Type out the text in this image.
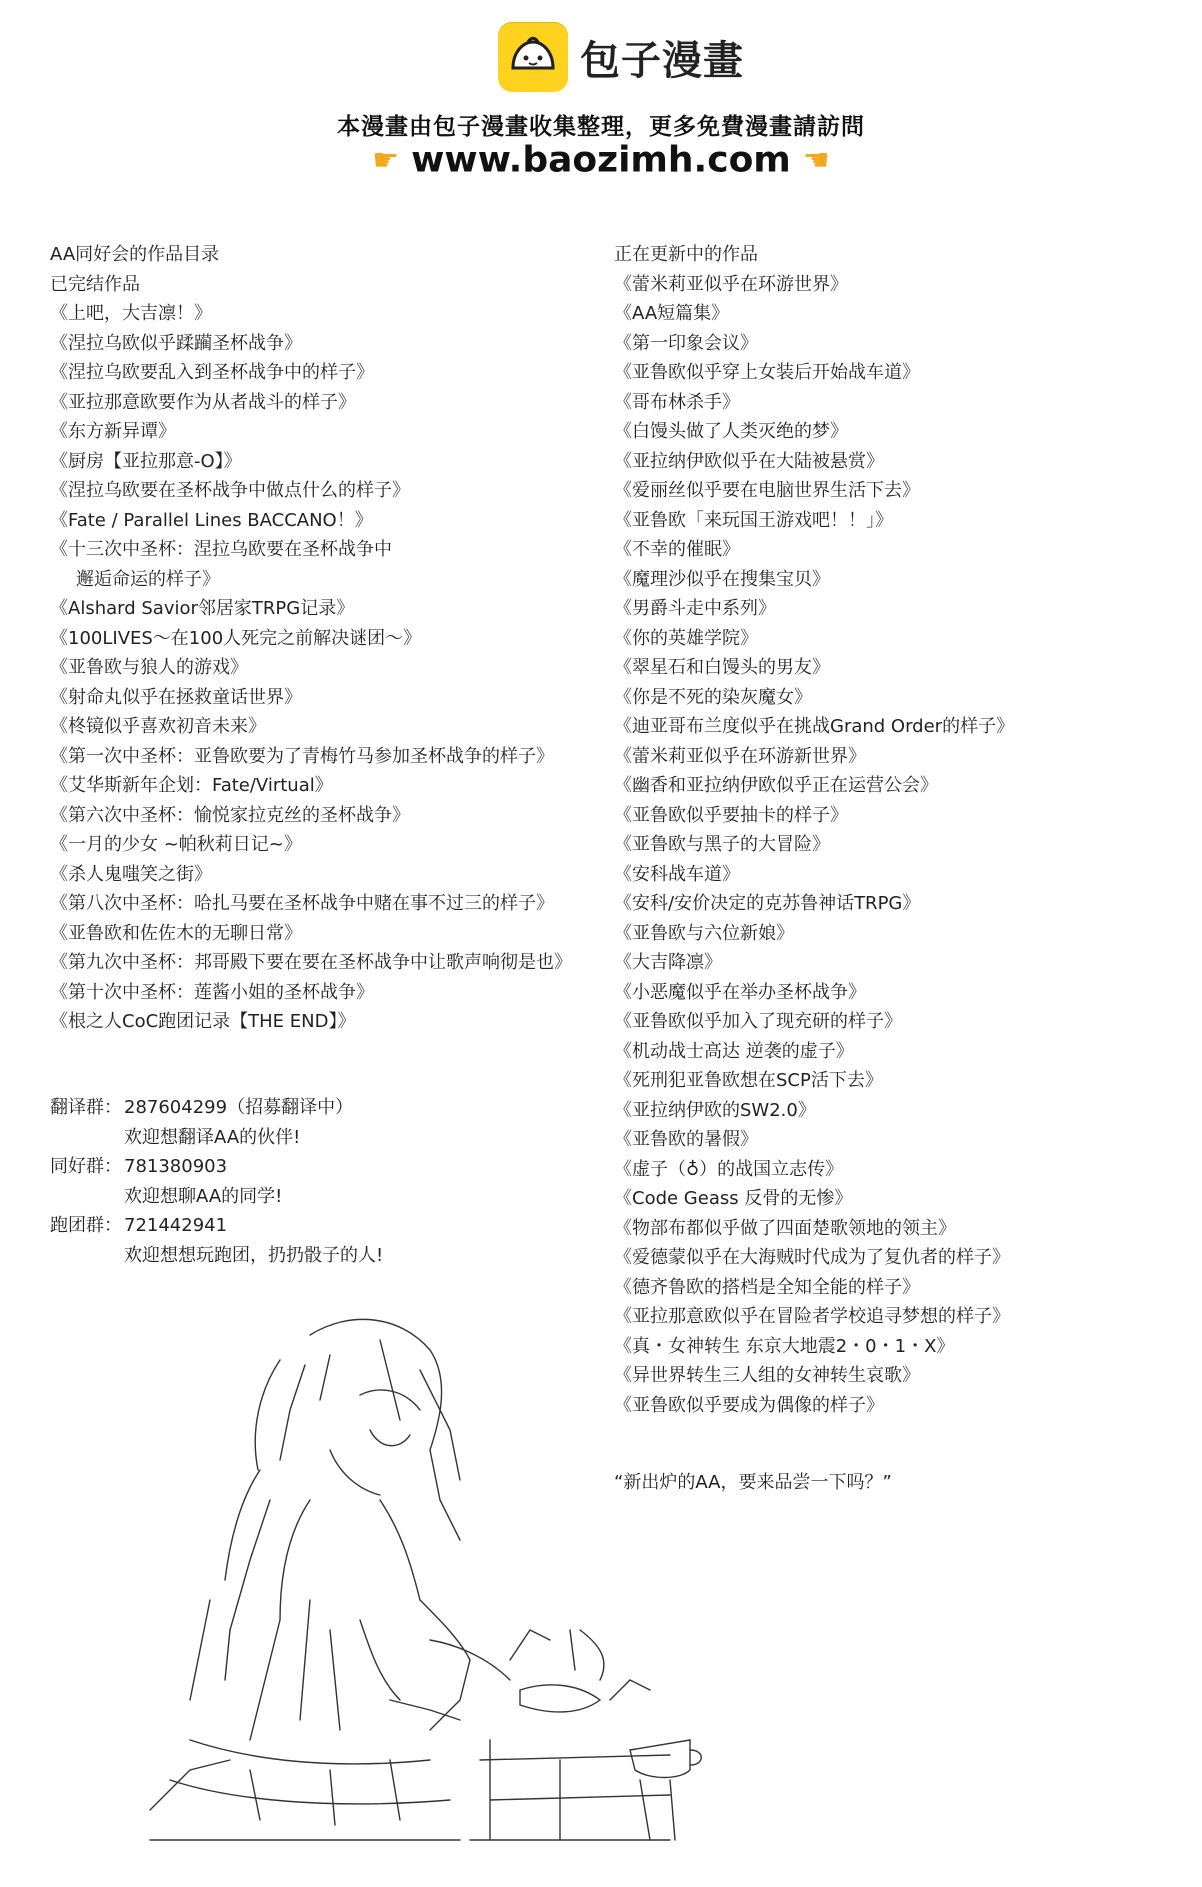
包子漫畫
本漫畫由包子漫畫收集整理，更多免費漫畫請訪問
☛ www.baozimh.com ☚
AA同好会的作品目录
已完结作品
《上吧，大吉凛！》
《涅拉乌欧似乎蹂躏圣杯战争》
《涅拉乌欧要乱入到圣杯战争中的样子》
《亚拉那意欧要作为从者战斗的样子》
《东方新异谭》
《厨房【亚拉那意-O】》
《涅拉乌欧要在圣杯战争中做点什么的样子》
《Fate / Parallel Lines BACCANO！》
《十三次中圣杯：涅拉乌欧要在圣杯战争中
邂逅命运的样子》
《Alshard Savior邻居家TRPG记录》
《100LIVES～在100人死完之前解决谜团～》
《亚鲁欧与狼人的游戏》
《射命丸似乎在拯救童话世界》
《柊镜似乎喜欢初音未来》
《第一次中圣杯：亚鲁欧要为了青梅竹马参加圣杯战争的样子》
《艾华斯新年企划：Fate/Virtual》
《第六次中圣杯：愉悦家拉克丝的圣杯战争》
《一月的少女 ~帕秋莉日记~》
《杀人鬼嗤笑之街》
《第八次中圣杯：哈扎马要在圣杯战争中赌在事不过三的样子》
《亚鲁欧和佐佐木的无聊日常》
《第九次中圣杯：邦哥殿下要在要在圣杯战争中让歌声响彻是也》
《第十次中圣杯：莲酱小姐的圣杯战争》
《根之人CoC跑团记录【THE END】》
翻译群： 287604299（招募翻译中）
欢迎想翻译AA的伙伴!
同好群： 781380903
欢迎想聊AA的同学!
跑团群： 721442941
欢迎想想玩跑团，扔扔骰子的人!
正在更新中的作品
《蕾米莉亚似乎在环游世界》
《AA短篇集》
《第一印象会议》
《亚鲁欧似乎穿上女装后开始战车道》
《哥布林杀手》
《白馒头做了人类灭绝的梦》
《亚拉纳伊欧似乎在大陆被悬赏》
《爱丽丝似乎要在电脑世界生活下去》
《亚鲁欧「来玩国王游戏吧！！」》
《不幸的催眠》
《魔理沙似乎在搜集宝贝》
《男爵斗走中系列》
《你的英雄学院》
《翠星石和白馒头的男友》
《你是不死的染灰魔女》
《迪亚哥布兰度似乎在挑战Grand Order的样子》
《蕾米莉亚似乎在环游新世界》
《幽香和亚拉纳伊欧似乎正在运营公会》
《亚鲁欧似乎要抽卡的样子》
《亚鲁欧与黑子的大冒险》
《安科战车道》
《安科/安价决定的克苏鲁神话TRPG》
《亚鲁欧与六位新娘》
《大吉降凛》
《小恶魔似乎在举办圣杯战争》
《亚鲁欧似乎加入了现充研的样子》
《机动战士高达 逆袭的虚子》
《死刑犯亚鲁欧想在SCP活下去》
《亚拉纳伊欧的SW2.0》
《亚鲁欧的暑假》
《虚子（♁）的战国立志传》
《Code Geass 反骨的无惨》
《物部布都似乎做了四面楚歌领地的领主》
《爱德蒙似乎在大海贼时代成为了复仇者的样子》
《德齐鲁欧的搭档是全知全能的样子》
《亚拉那意欧似乎在冒险者学校追寻梦想的样子》
《真・女神转生 东京大地震2・0・1・X》
《异世界转生三人组的女神转生哀歌》
《亚鲁欧似乎要成为偶像的样子》
“新出炉的AA，要来品尝一下吗？”
